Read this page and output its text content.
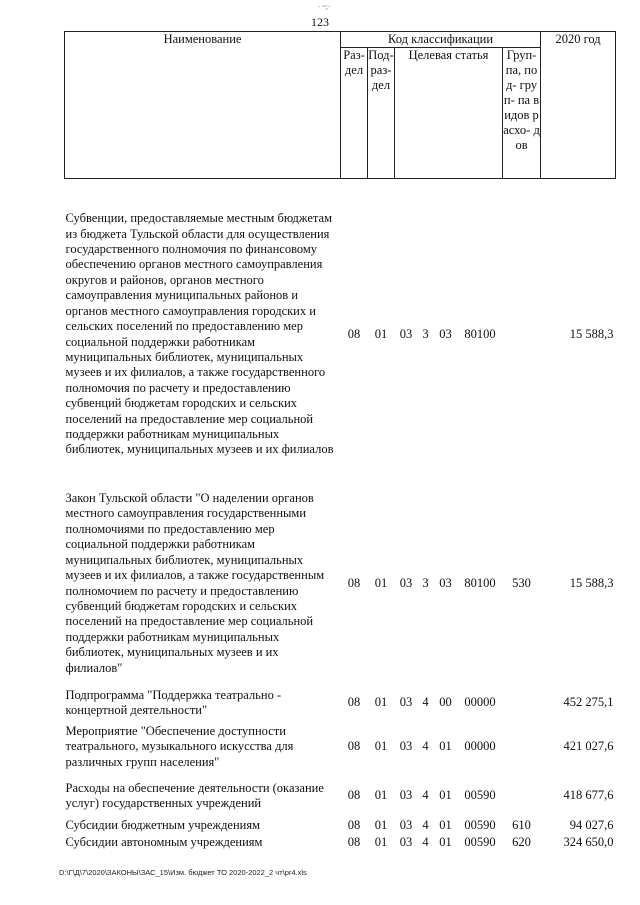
· ~;·
123
Наименование	Код классификации							2020 год
	Раз- дел	Под- раз- дел	Целевая статья				Груп- па, под- груп- па видов расхо- дов	

Субвенции, предоставляемые местным бюджетам из бюджета Тульской области для осуществления государственного полномочия по финансовому обеспечению органов местного самоуправления округов и районов, органов местного самоуправления муниципальных районов и органов местного самоуправления городских и сельских поселений по предоставлению мер социальной поддержки работникам муниципальных библиотек, муниципальных музеев и их филиалов, а также государственного полномочия по расчету и предоставлению субвенций бюджетам городских и сельских поселений на предоставление мер социальной поддержки работникам муниципальных библиотек, муниципальных музеев и их филиалов	08	01	03	3	03	80100		15 588,3
Закон Тульской области "О наделении органов местного самоуправления государственными полномочиями по предоставлению мер социальной поддержки работникам муниципальных библиотек, муниципальных музеев и их филиалов, а также государственным полномочием по расчету и предоставлению субвенций бюджетам городских и сельских поселений на предоставление мер социальной поддержки работникам муниципальных библиотек, муниципальных музеев и их филиалов"	08	01	03	3	03	80100	530	15 588,3
Подпрограмма "Поддержка театрально - концертной деятельности"	08	01	03	4	00	00000		452 275,1
Мероприятие "Обеспечение доступности театрального, музыкального искусства для различных групп населения"	08	01	03	4	01	00000		421 027,6
Расходы на обеспечение деятельности (оказание услуг) государственных учреждений	08	01	03	4	01	00590		418 677,6
Субсидии бюджетным учреждениям	08	01	03	4	01	00590	610	94 027,6
Субсидии автономным учреждениям	08	01	03	4	01	00590	620	324 650,0
D:\Г\Д\7\2020\ЗАКОНЫ\ЗАС_15\Изм. бюджет ТО 2020-2022_2 чт\pr4.xls
